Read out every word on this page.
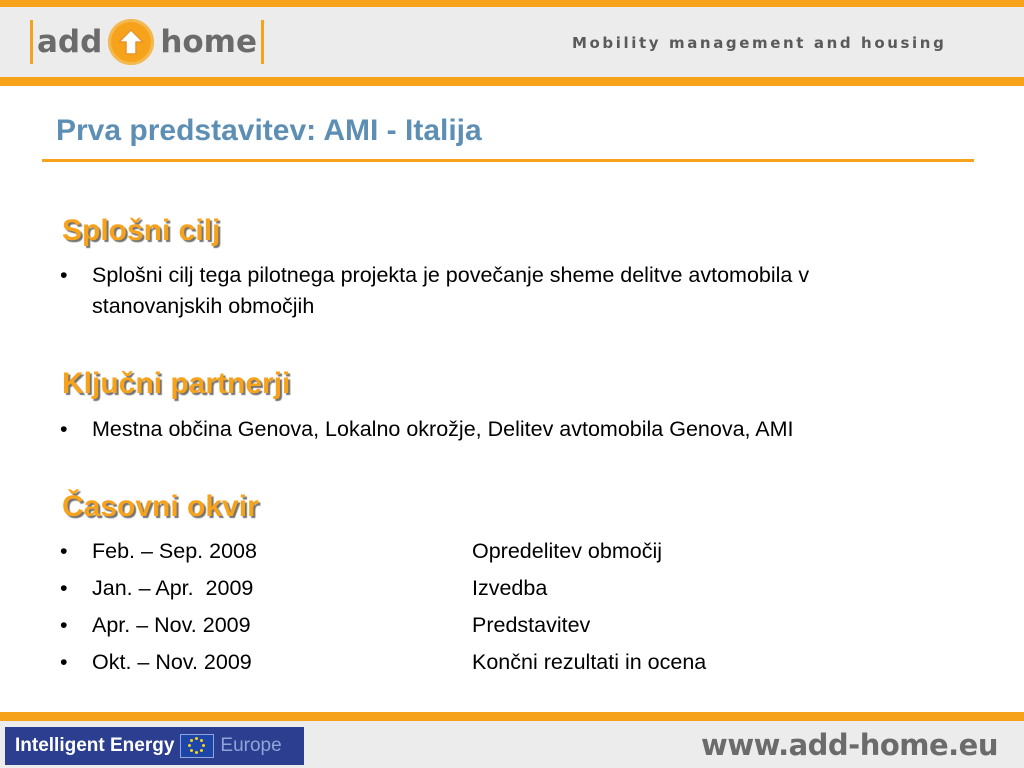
add home	Mobility management and housing
Prva predstavitev: AMI - Italija
Splošni cilj
• Splošni cilj tega pilotnega projekta je povečanje sheme delitve avtomobila v
stanovanjskih območjih
Ključni partnerji
• Mestna občina Genova, Lokalno okrožje, Delitev avtomobila Genova, AMI
Časovni okvir
• Feb. – Sep. 2008	Opredelitev območij
• Jan. – Apr.  2009	Izvedba
• Apr. – Nov. 2009	Predstavitev
• Okt. – Nov. 2009	Končni rezultati in ocena
Intelligent Energy	Europe	www.add-home.eu
